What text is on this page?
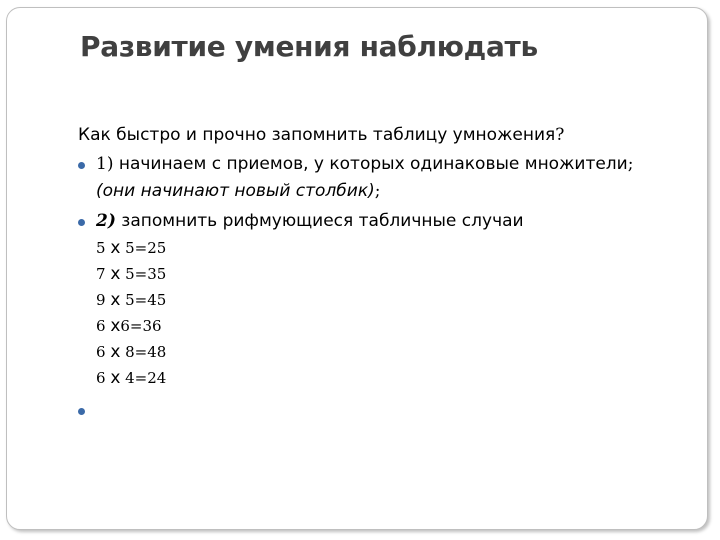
Развитие умения наблюдать

Как быстро и прочно запомнить таблицу умножения?

1) начинаем с приемов, у которых одинаковые множители; (они начинают новый столбик);

2) запомнить рифмующиеся табличные случаи

5 х 5=25
7 х 5=35
9 х 5=45
6 х6=36
6 х 8=48
6 х 4=24
